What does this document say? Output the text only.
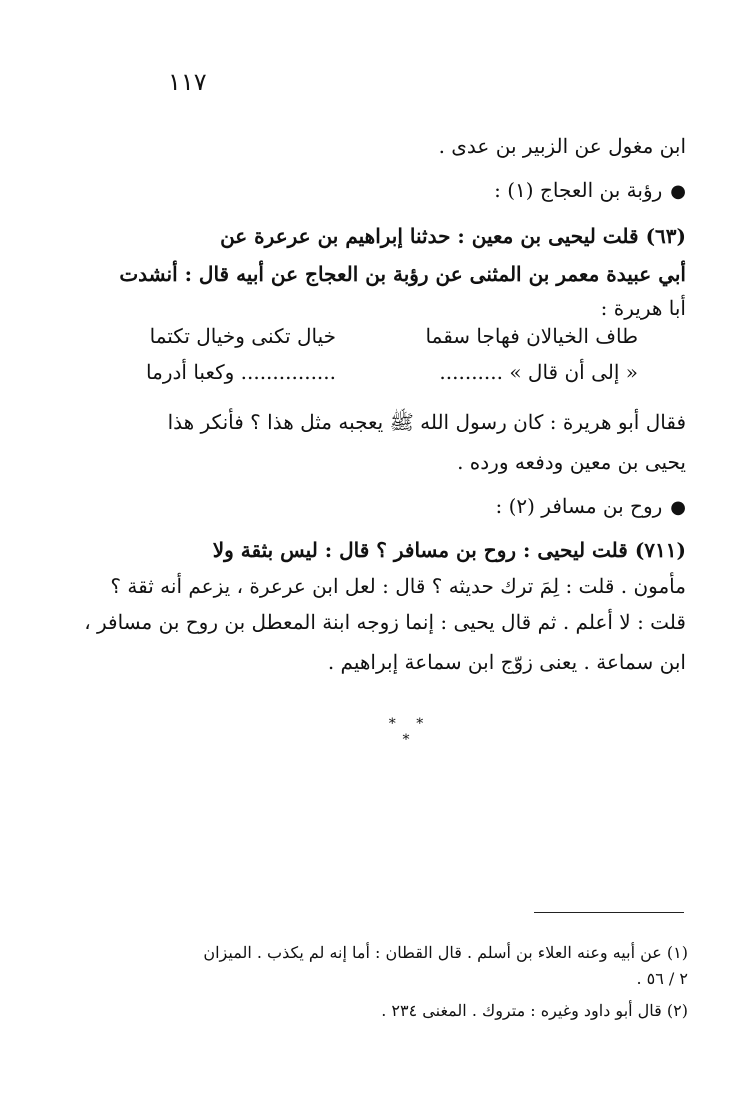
١١٧
ابن مغول عن الزبير بن عدى .
●رؤبة بن العجاج (١) :
(٦٣) قلت ليحيى بن معين : حدثنا إبراهيم بن عرعرة عن
أبي عبيدة معمر بن المثنى عن رؤبة بن العجاج عن أبيه قال : أنشدت
أبا هريرة :
طاف الخيالان فهاجا سقما
خيال تكنى وخيال تكتما
« إلى أن قال » ..........
............... وكعبا أدرما
فقال أبو هريرة : كان رسول الله ﷺ يعجبه مثل هذا ؟ فأنكر هذا
يحيى بن معين ودفعه ورده .
●روح بن مسافر (٢) :
(٧١١) قلت ليحيى : روح بن مسافر ؟ قال : ليس بثقة ولا
مأمون . قلت : لِمَ ترك حديثه ؟ قال : لعل ابن عرعرة ، يزعم أنه ثقة ؟
قلت : لا أعلم . ثم قال يحيى : إنما زوجه ابنة المعطل بن روح بن مسافر ،
ابن سماعة . يعنى زوّج ابن سماعة إبراهيم .
* * *
(١) عن أبيه وعنه العلاء بن أسلم . قال القطان : أما إنه لم يكذب . الميزان
٢ / ٥٦ .
(٢) قال أبو داود وغيره : متروك . المغنى ٢٣٤ .
